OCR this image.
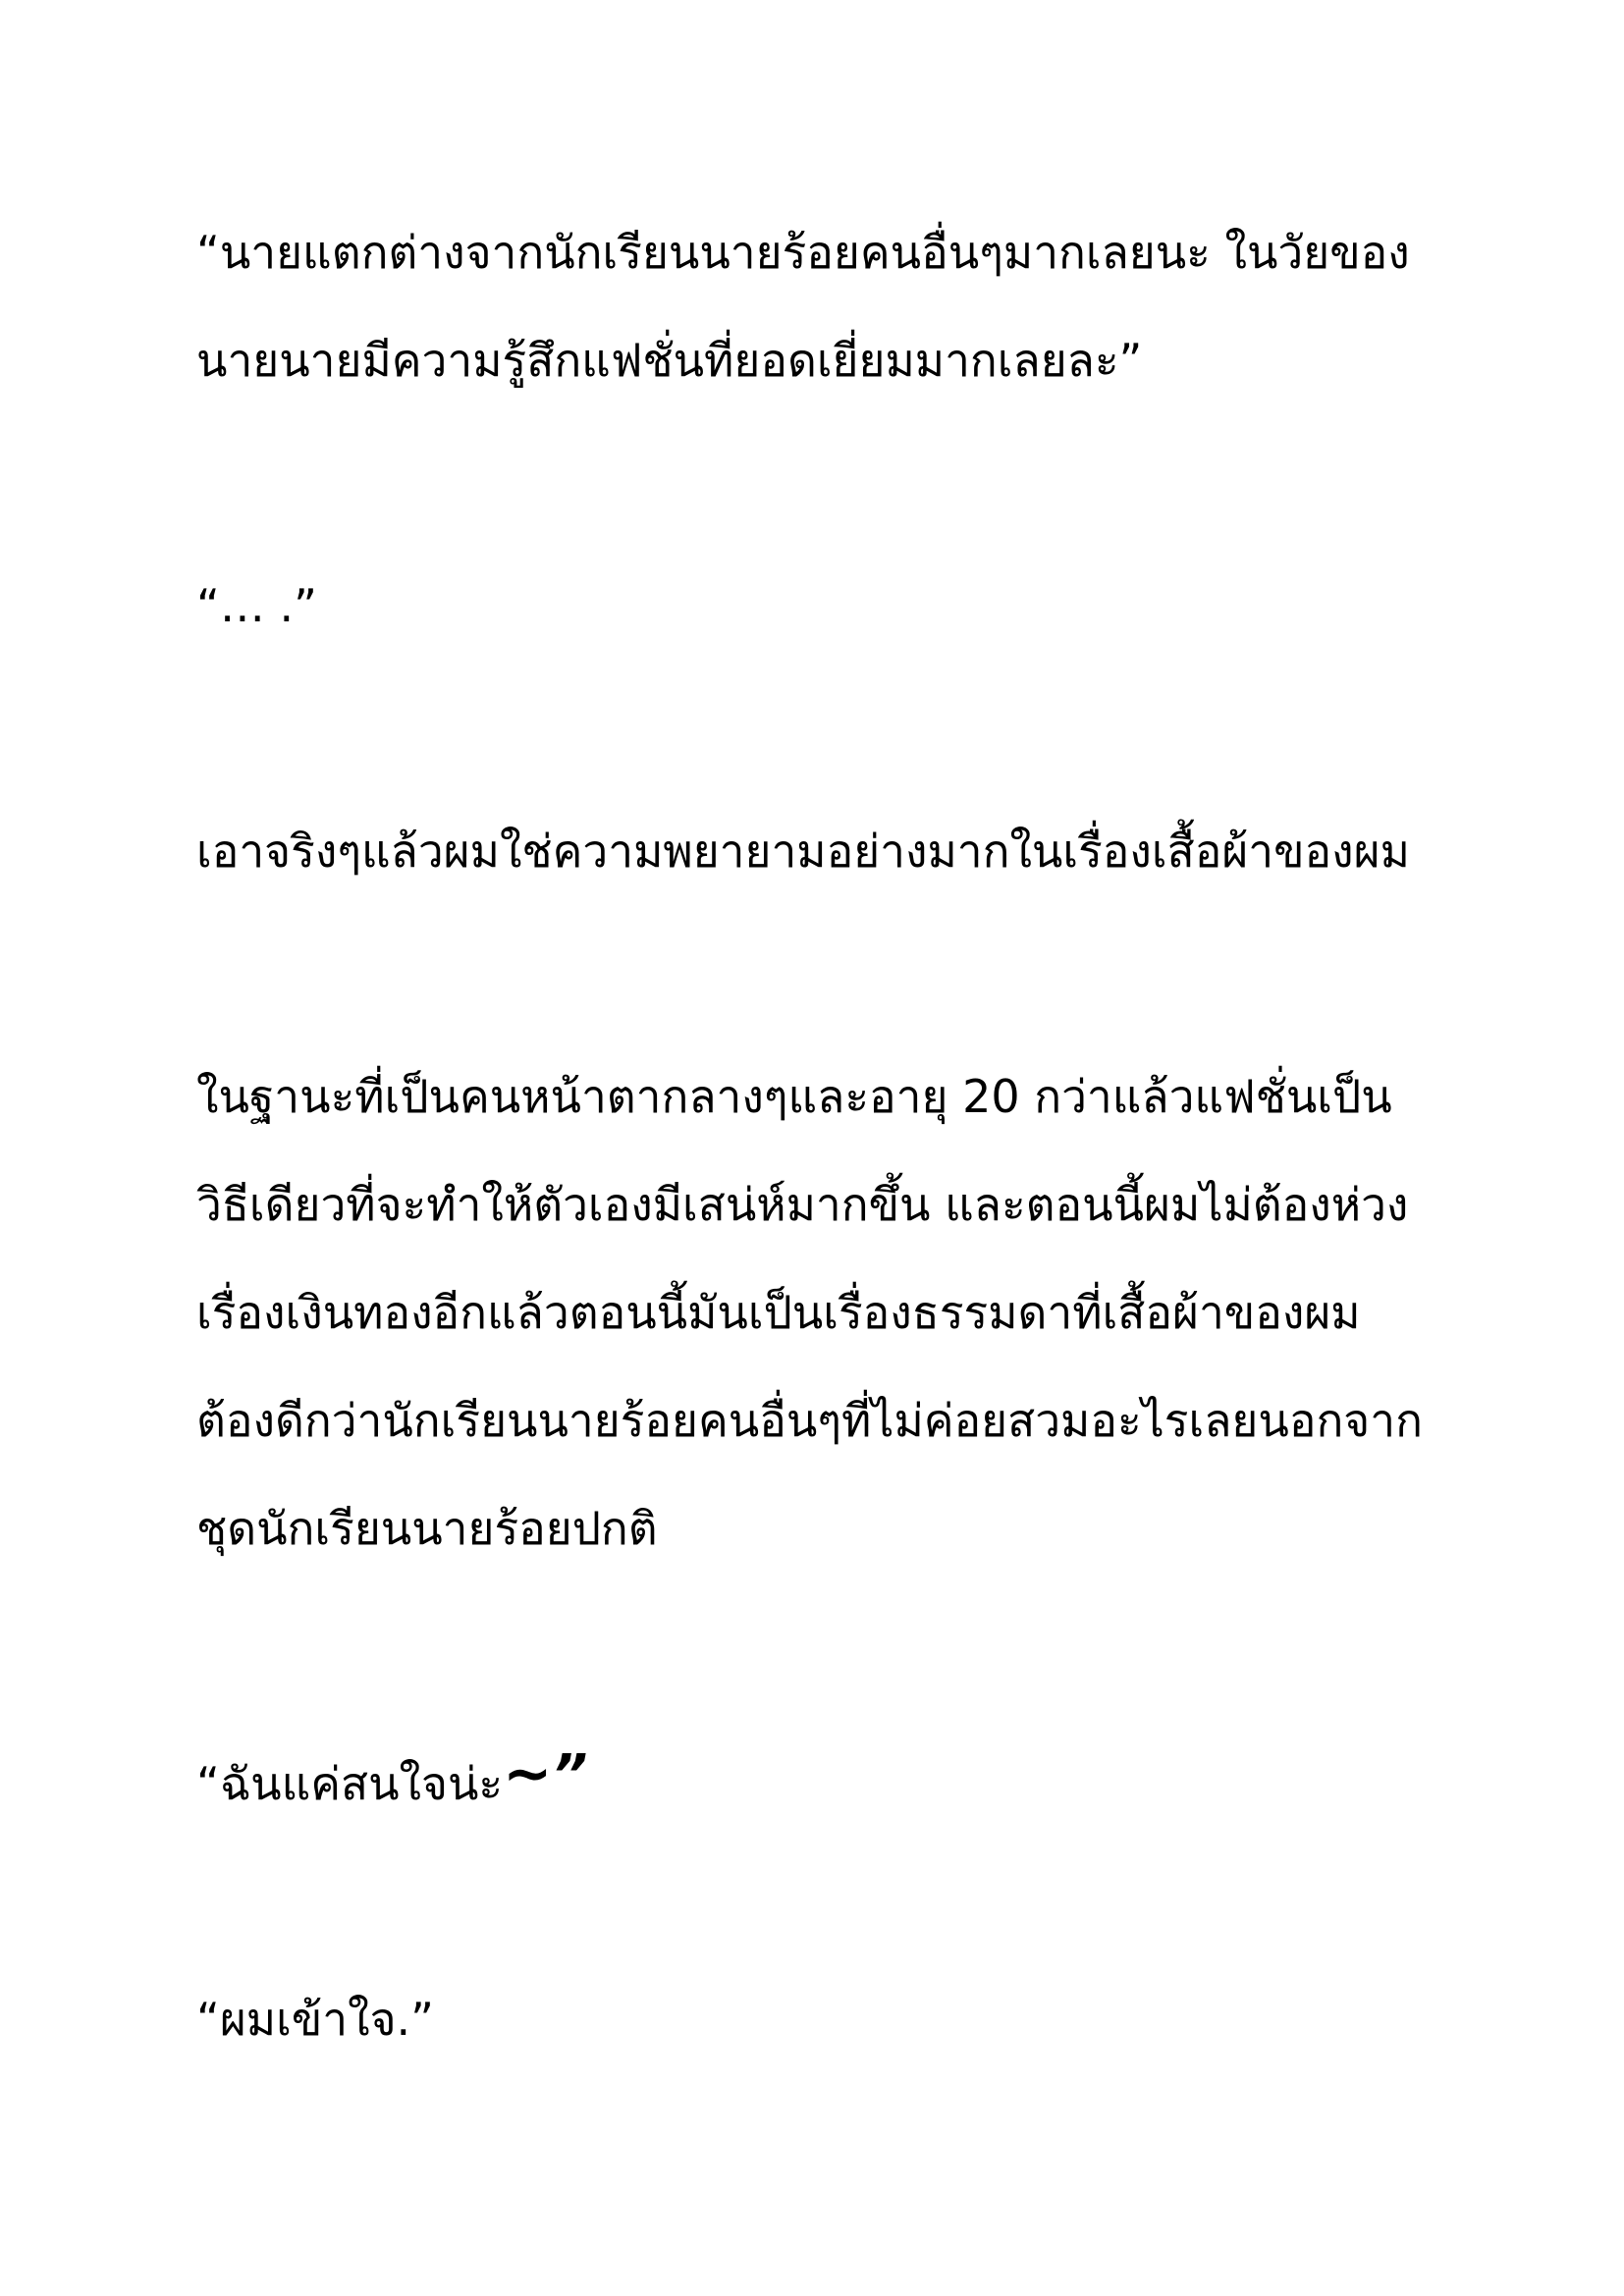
“นายแตกต่างจากนักเรียนนายร้อยคนอื่นๆมากเลยนะ ในวัยของ
นายนายมีความรู้สึกแฟชั่นที่ยอดเยี่ยมมากเลยละ”
“… .”
เอาจริงๆแล้วผมใช่ความพยายามอย่างมากในเรื่องเสื้อผ้าของผม
ในฐานะที่เป็นคนหน้าตากลางๆและอายุ 20 กว่าแล้วแฟชั่นเป็น
วิธีเดียวที่จะทำให้ตัวเองมีเสน่ห์มากขึ้น และตอนนี้ผมไม่ต้องห่วง
เรื่องเงินทองอีกแล้วตอนนี้มันเป็นเรื่องธรรมดาที่เสื้อผ้าของผม
ต้องดีกว่านักเรียนนายร้อยคนอื่นๆที่ไม่ค่อยสวมอะไรเลยนอกจาก
ชุดนักเรียนนายร้อยปกติ
“ฉันแค่สนใจน่ะ~”
“ผมเข้าใจ.”
